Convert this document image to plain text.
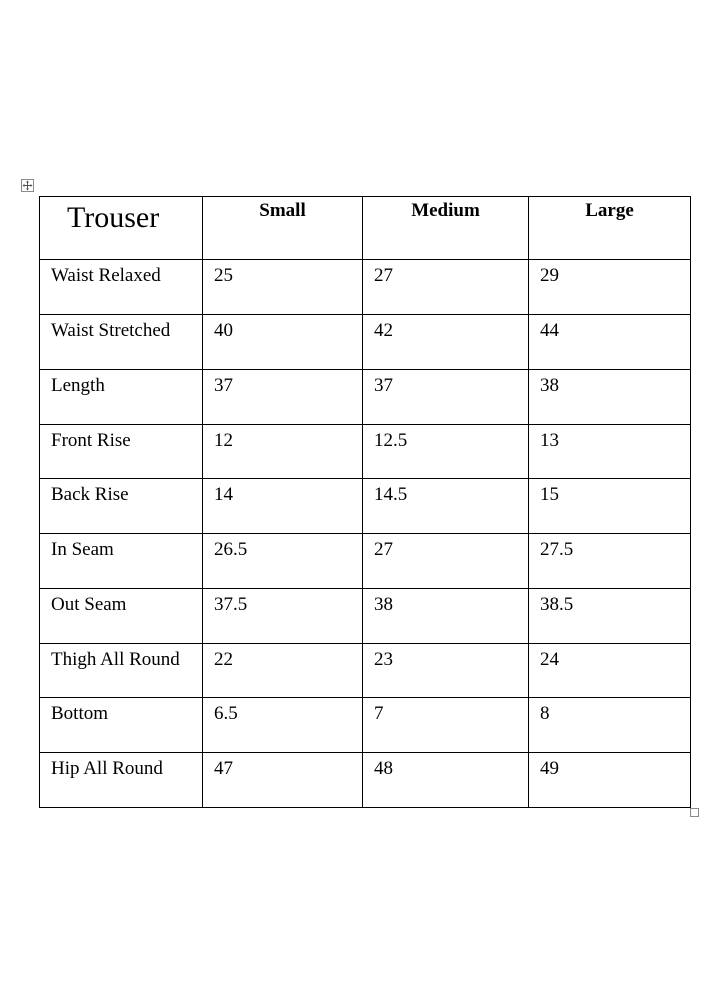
Trouser	Small	Medium	Large
Waist Relaxed	25	27	29
Waist Stretched	40	42	44
Length	37	37	38
Front Rise	12	12.5	13
Back Rise	14	14.5	15
In Seam	26.5	27	27.5
Out Seam	37.5	38	38.5
Thigh All Round	22	23	24
Bottom	6.5	7	8
Hip All Round	47	48	49
